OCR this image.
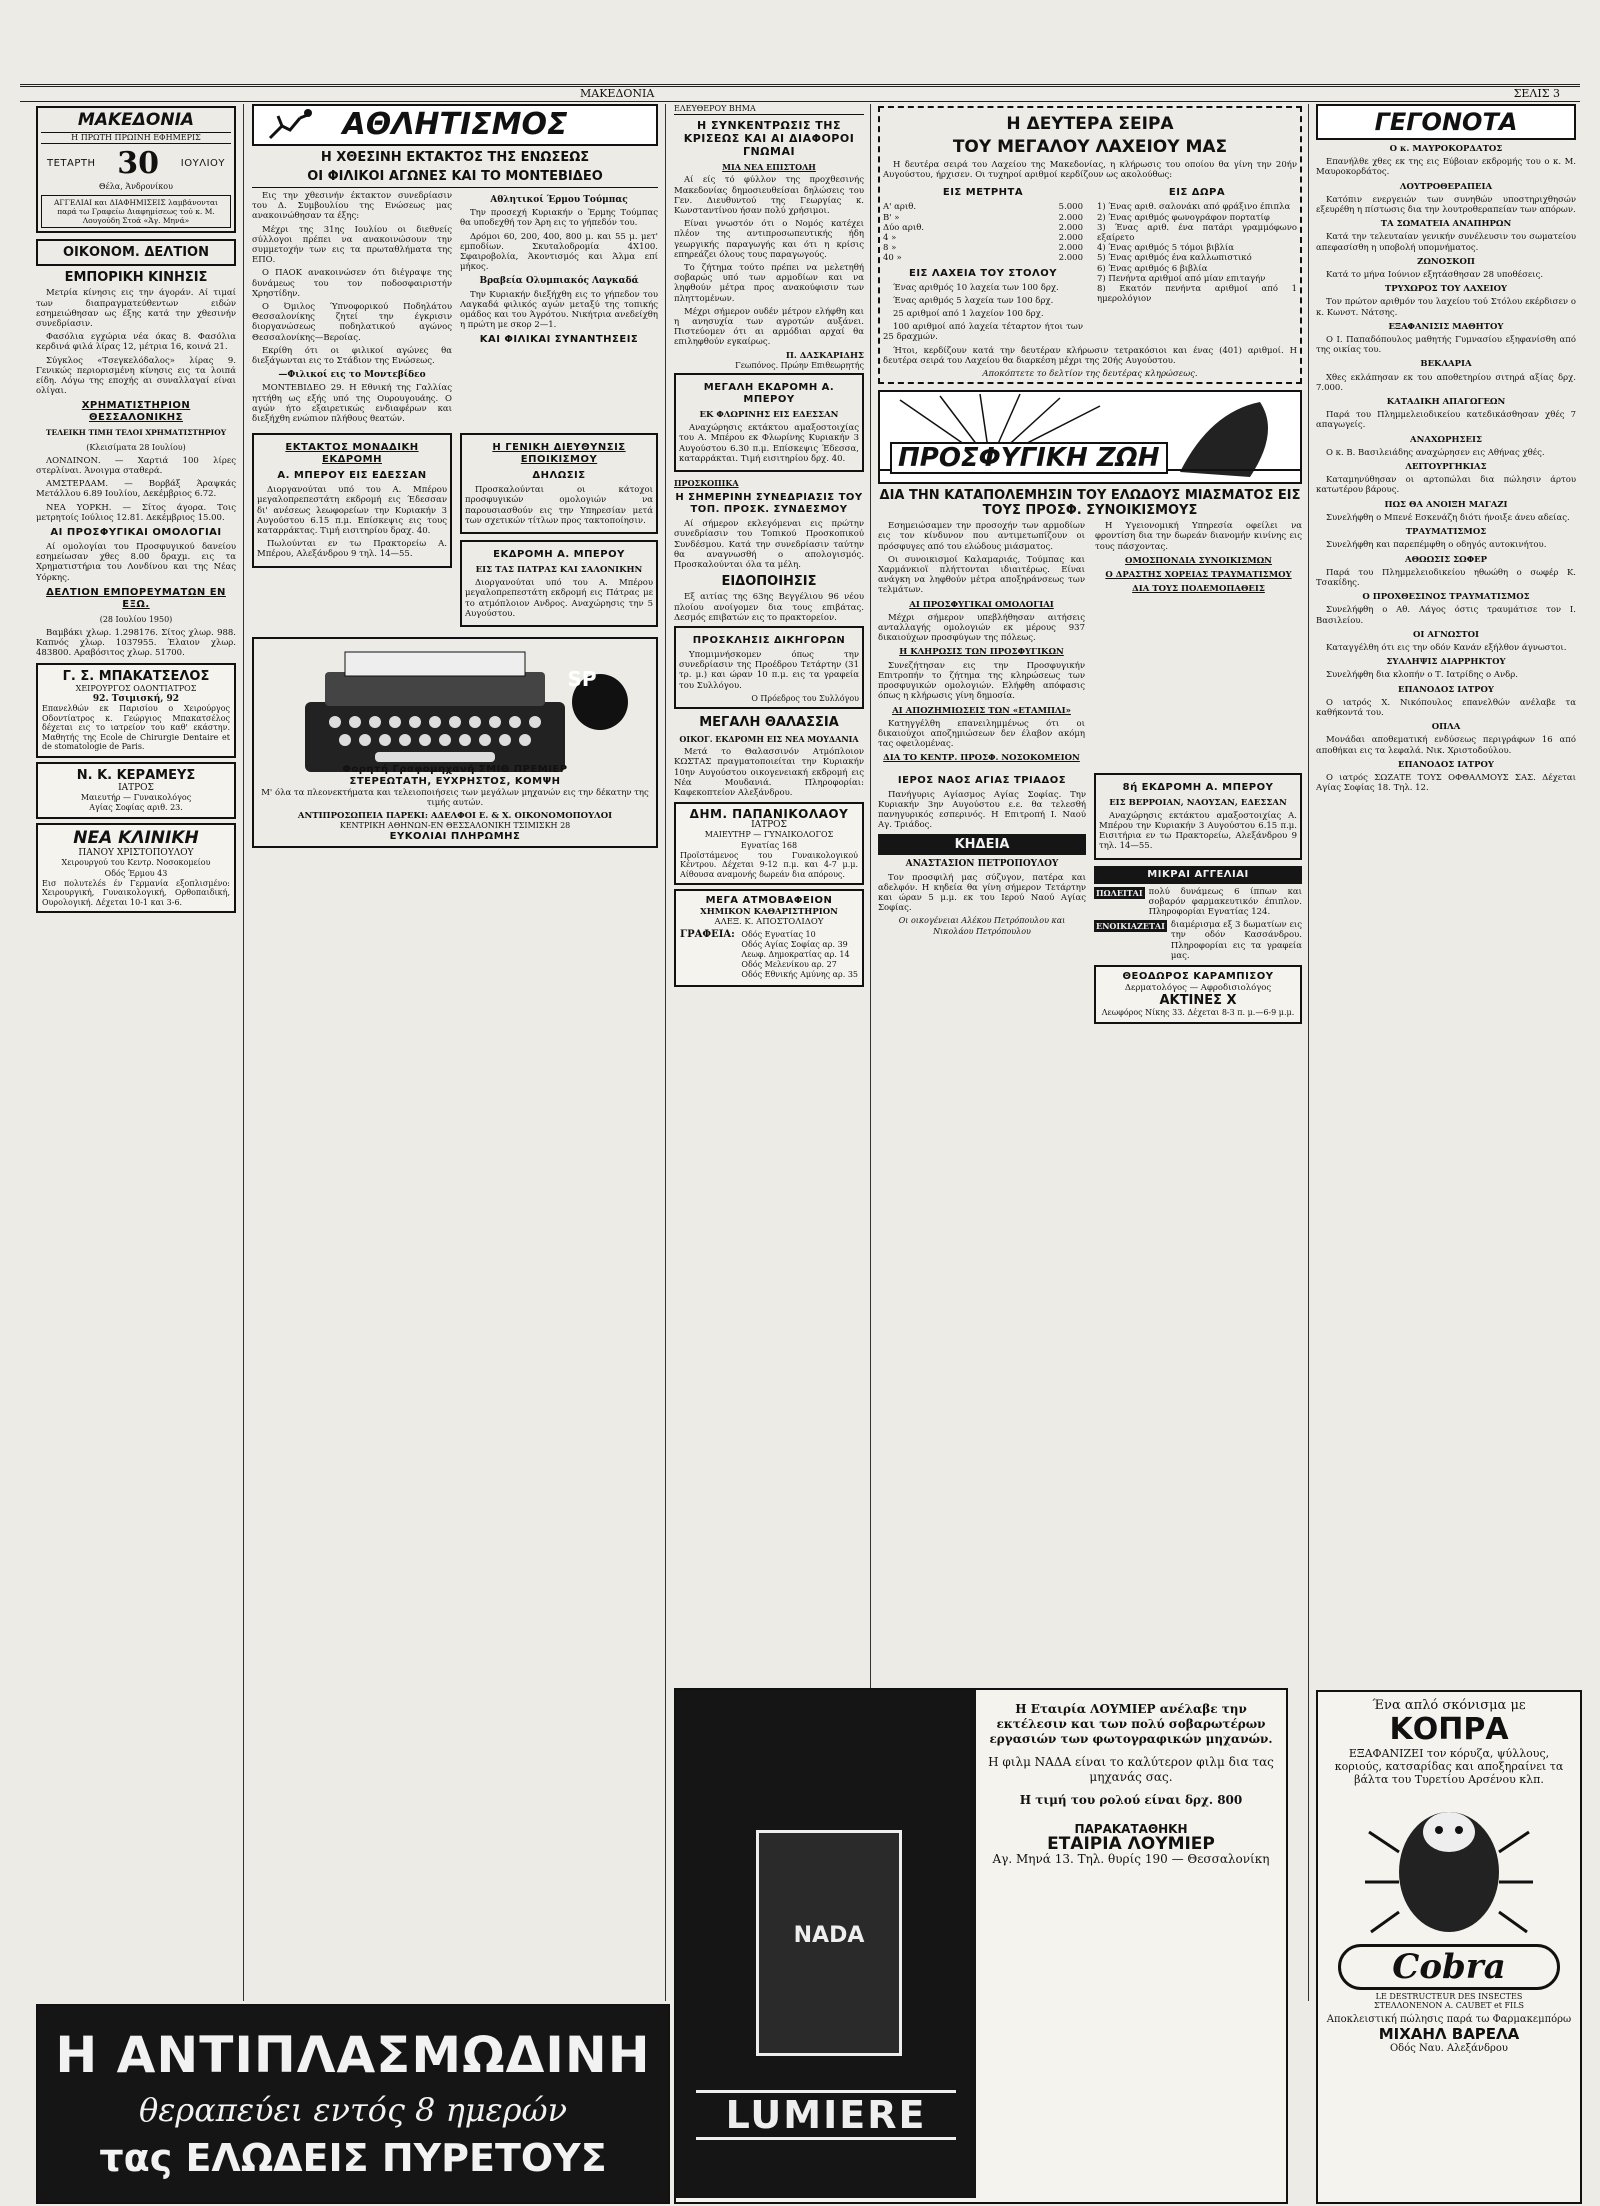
ΜΑΚΕΔΟΝΙΑ	ΣΕΛΙΣ 3
ΜΑΚΕΔΟΝΙΑ
Η ΠΡΩΤΗ ΠΡΩΙΝΗ ΕΦΗΜΕΡΙΣ
ΤΕΤΑΡΤΗ 30 ΙΟΥΛΙΟΥ
Θέλα, Άνδρονίκου
ΑΓΓΕΛΙΑΙ και ΔΙΑΦΗΜΙΣΕΙΣ λαμβάνονται παρά τω Γραφείω Διαφημίσεως τού κ. Μ. Λουγούδη Στοά «Άγ. Μηνά»
ΟΙΚΟΝΟΜ. ΔΕΛΤΙΟΝ
ΕΜΠΟΡΙΚΗ ΚΙΝΗΣΙΣ

Μετρία κίνησις εις την άγοράν. Αί τιμαί των διαπραγματεύθεντων ειδών εσημειώθησαν ως έξης κατά την χθεσινήν συνεδρίασιν.

Φασόλια εγχώρια νέα όκας 8. Φασόλια κερδινά φιλά λίρας 12, μέτρια 16, κοινά 21.

Σύγκλος «Τσεγκελόδαλος» λίρας 9. Γενικώς περιορισμένη κίνησις εις τα λοιπά είδη. Λόγω της εποχής αι συναλλαγαί είναι ολίγαι.

ΧΡΗΜΑΤΙΣΤΗΡΙΟΝ ΘΕΣΣΑΛΟΝΙΚΗΣ
ΤΕΛΕΙΚΗ ΤΙΜΗ ΤΕΛΟΙ ΧΡΗΜΑΤΙΣΤΗΡΙΟΥ
(Κλεισίματα 28 Ιουλίου)

ΛΟΝΔΙΝΟΝ. — Χαρτιά 100 λίρες στερλίναι. Άνοιγμα σταθερά.

ΑΜΣΤΕΡΔΑΜ. — Βορβάξ Άραψκάς Μετάλλου 6.89 Ιουλίου, Δεκέμβριος 6.72.

ΝΕΑ ΥΟΡΚΗ. — Σίτος άγορα. Τοις μετρητοίς Ιούλιος 12.81. Δεκέμβριος 15.00.

ΑΙ ΠΡΟΣΦΥΓΙΚΑΙ ΟΜΟΛΟΓΙΑΙ

Αί ομολογίαι του Προσφυγικού δανείου εσημείωσαν χθες 8.00 δραχμ. εις τα Χρηματιστήρια του Λονδίνου και της Νέας Υόρκης.

ΔΕΛΤΙΟΝ ΕΜΠΟΡΕΥΜΑΤΩΝ ΕΝ ΕΞΩ.
(28 Ιουλίου 1950)

Βαμβάκι χλωρ. 1.298176. Σίτος χλωρ. 988. Καπνός χλωρ. 1037955. Έλαιον χλωρ. 483800. Αραβόσιτος χλωρ. 51700.

Γ. Σ. ΜΠΑΚΑΤΣΕΛΟΣ
ΧΕΙΡΟΥΡΓΟΣ ΟΔΟΝΤΙΑΤΡΟΣ
92. Τσιμισκή, 92
Επανελθών εκ Παρισίου ο Χειρούργος Οδοντίατρος κ. Γεώργιος Μπακατσέλος δέχεται εις το ιατρείον του καθ' εκάστην. Μαθητής της Ecole de Chirurgie Dentaire et de stomatologie de Paris.
Ν. Κ. ΚΕΡΑΜΕΥΣ
ΙΑΤΡΟΣ
Μαιευτήρ — Γυναικολόγος
Αγίας Σοφίας αριθ. 23.
ΝΕΑ ΚΛΙΝΙΚΗ
ΠΑΝΟΥ ΧΡΙΣΤΟΠΟΥΛΟΥ
Χειρουργού του Κεντρ. Νοσοκομείου
Οδός Έρμου 43
Εισ πολυτελέs έν Γερμανία εξοπλισμένο: Χειρουργική, Γυναικολογική, Ορθοπαιδική, Ουρολογική. Δέχεται 10-1 και 3-6.
ΑΘΛΗΤΙΣΜΟΣ
Η ΧΘΕΣΙΝΗ ΕΚΤΑΚΤΟΣ ΤΗΣ ΕΝΩΣΕΩΣ
ΟΙ ΦΙΛΙΚΟΙ ΑΓΩΝΕΣ ΚΑΙ ΤΟ ΜΟΝΤΕΒΙΔΕΟ

Εις την χθεσινήν έκτακτον συνεδρίασιν του Δ. Συμβουλίου της Ενώσεως μας ανακοινώθησαν τα έξης:

Μέχρι της 31ης Ιουλίου οι διεθνείς σύλλογοι πρέπει να ανακοινώσουν την συμμετοχήν των εις τα πρωταθλήματα της ΕΠΟ.

Ο ΠΑΟΚ ανακοινώσεν ότι διέγραψε της δυνάμεως του τον ποδοσφαιριστήν Χρηστίδην.

Ο Όμιλος Ύπνοφορικού Ποδηλάτου Θεσσαλονίκης ζητεί την έγκρισιν διοργανώσεως ποδηλατικού αγώνος Θεσσαλονίκης—Βεροίας.

Εκρίθη ότι οι φιλικοί αγώνες θα διεξάγωνται εις το Στάδιον της Ενώσεως.

—Φιλικοί εις το Μοντεβίδεο

ΜΟΝΤΕΒΙΔΕΟ 29. Η Εθνική της Γαλλίας ηττήθη ως εξής υπό της Ουρουγουάης. Ο αγών ήτο εξαιρετικώς ενδιαφέρων και διεξήχθη ενώπιον πλήθους θεατών.

Αθλητικοί Έρμου Τούμπας

Την προσεχή Κυριακήν ο Έρμης Τούμπας θα υποδεχθή τον Άρη εις το γήπεδόν του.

Δρόμοι 60, 200, 400, 800 μ. και 55 μ. μετ' εμποδίων. Σκυταλοδρομία 4Χ100. Σφαιροβολία, Άκοντισμός και Άλμα επί μήκος.

Βραβεία Ολυμπιακός Λαγκαδά

Την Κυριακήν διεξήχθη εις το γήπεδον του Λαγκαδά φιλικός αγών μεταξύ της τοπικής ομάδος και του Άγρότου. Νικήτρια ανεδείχθη η πρώτη με σκορ 2—1.

ΚΑΙ ΦΙΛΙΚΑΙ ΣΥΝΑΝΤΗΣΕΙΣ
ΕΚΤΑΚΤΟΣ ΜΟΝΑΔΙΚΗ ΕΚΔΡΟΜΗ
Α. ΜΠΕΡΟΥ ΕΙΣ ΕΔΕΣΣΑΝ

Διοργανούται υπό του Α. Μπέρου μεγαλοπρεπεστάτη εκδρομή εις Έδεσσαν δι' ανέσεως λεωφορείων την Κυριακήν 3 Αυγούστου 6.15 π.μ. Επίσκεψις εις τους καταρράκτας. Τιμή εισιτηρίου δραχ. 40.

Πωλούνται εν τω Πρακτορείω Α. Μπέρου, Αλεξάνδρου 9 τηλ. 14—55.

Η ΓΕΝΙΚΗ ΔΙΕΥΘΥΝΣΙΣ ΕΠΟΙΚΙΣΜΟΥ
ΔΗΛΩΣΙΣ

Προσκαλούνται οι κάτοχοι προσφυγικών ομολογιών να παρουσιασθούν εις την Υπηρεσίαν μετά των σχετικών τίτλων προς τακτοποίησιν.

ΕΚΔΡΟΜΗ Α. ΜΠΕΡΟΥ
ΕΙΣ ΤΑΣ ΠΑΤΡΑΣ ΚΑΙ ΣΑΛΟΝΙΚΗΝ

Διοργανούται υπό του Α. Μπέρου μεγαλοπρεπεστάτη εκδρομή εις Πάτρας με το ατμόπλοιον Ανδρος. Αναχώρησις την 5 Αυγούστου.

SP
Φορητή Γραφομηχανή ΣΜΙΘ ΠΡΕΜΙΕΡ
ΣΤΕΡΕΩΤΑΤΗ, ΕΥΧΡΗΣΤΟΣ, ΚΟΜΨΗ
Μ' όλα τα πλεονεκτήματα και τελειοποιήσεις των μεγάλων μηχανών εις την δέκατην της τιμής αυτών.
ΑΝΤΙΠΡΟΣΩΠΕΙΑ ΠΑΡΕΚΙ: ΑΔΕΛΦΟΙ Ε. & Χ. ΟΙΚΟΝΟΜΟΠΟΥΛΟΙ
ΚΕΝΤΡΙΚΗ ΑΘΗΝΩΝ-ΕΝ ΘΕΣΣΑΛΟΝΙΚΗ ΤΣΙΜΙΣΚΗ 28
ΕΥΚΟΛΙΑΙ ΠΛΗΡΩΜΗΣ
ΕΛΕΥΘΕΡΟΥ ΒΗΜΑ
Η ΣΥΝΚΕΝΤΡΩΣΙΣ ΤΗΣ ΚΡΙΣΕΩΣ ΚΑΙ ΑΙ ΔΙΑΦΟΡΟΙ ΓΝΩΜΑΙ
ΜΙΑ ΝΕΑ ΕΠΙΣΤΟΛΗ

Αί είς τό φύλλον της προχθεσινής Μακεδονίας δημοσιευθείσαι δηλώσεις του Γεν. Διευθυντού της Γεωργίας κ. Κωνσταντίνου ήσαν πολύ χρήσιμοι.

Είναι γνωστόν ότι ο Νομός κατέχει πλέον της αντιπροσωπευτικής ήδη γεωργικής παραγωγής και ότι η κρίσις επηρεάζει όλους τους παραγωγούς.

Το ζήτημα τούτο πρέπει να μελετηθή σοβαρώς υπό των αρμοδίων και να ληφθούν μέτρα προς ανακούφισιν των πληττομένων.

Μέχρι σήμερον ουδέν μέτρον ελήφθη και η ανησυχία των αγροτών αυξάνει. Πιστεύομεν ότι αι αρμόδιαι αρχαί θα επιληφθούν εγκαίρως.

Π. ΔΑΣΚΑΡΙΔΗΣ
Γεωπόνος. Πρώην Επιθεωρητής
ΜΕΓΑΛΗ ΕΚΔΡΟΜΗ Α. ΜΠΕΡΟΥ
ΕΚ ΦΛΩΡΙΝΗΣ ΕΙΣ ΕΔΕΣΣΑΝ

Αναχώρησις εκτάκτου αμαξοστοιχίας του Α. Μπέρου εκ Φλωρίνης Κυριακήν 3 Αυγούστου 6.30 π.μ. Επίσκεψις Έδεσσα, καταρράκται. Τιμή εισιτηρίου δρχ. 40.

ΠΡΟΣΚΟΠΙΚΑ
Η ΣΗΜΕΡΙΝΗ ΣΥΝΕΔΡΙΑΣΙΣ ΤΟΥ ΤΟΠ. ΠΡΟΣΚ. ΣΥΝΔΕΣΜΟΥ

Αί σήμερον εκλεγόμεναι εις πρώτην συνεδρίασιν του Τοπικού Προσκοπικού Συνδέσμου. Κατά την συνεδρίασιν ταύτην θα αναγνωσθή ο απολογισμός. Προσκαλούνται όλα τα μέλη.

ΕΙΔΟΠΟΙΗΣΙΣ

Εξ αιτίας της 63ης Βεγγέλιου 96 νέου πλοίου ανοίγομεν δια τους επιβάτας. Δεσμός επιβατών εις το πρακτορείον.

ΠΡΟΣΚΛΗΣΙΣ ΔΙΚΗΓΟΡΩΝ

Υπομιμνήσκομεν όπως την συνεδρίασιν της Προέδρου Τετάρτην (31 τρ. μ.) και ώραν 10 π.μ. εις τα γραφεία του Συλλόγου.

Ο Πρόεδρος του Συλλόγου
ΜΕΓΑΛΗ ΘΑΛΑΣΣΙΑ
ΟΙΚΟΓ. ΕΚΔΡΟΜΗ ΕΙΣ ΝΕΑ ΜΟΥΔΑΝΙΑ

Μετά το Θαλασσινόν Ατμόπλοιον ΚΩΣΤΑΣ πραγματοποιείται την Κυριακήν 10ην Αυγούστου οικογενειακή εκδρομή εις Νέα Μουδανιά. Πληροφορίαι: Καφεκοπτείον Αλεξάνδρου.

ΔΗΜ. ΠΑΠΑΝΙΚΟΛΑΟΥ
ΙΑΤΡΟΣ
ΜΑΙΕΥΤΗΡ — ΓΥΝΑΙΚΟΛΟΓΟΣ
Εγνατίας 168
Προϊστάμενος του Γυναικολογικού Κέντρου. Δέχεται 9-12 π.μ. και 4-7 μ.μ. Αίθουσα αναμονής δωρεάν δια απόρους.
ΜΕΓΑ ΑΤΜΟΒΑΦΕΙΟΝ
ΧΗΜΙΚΟΝ ΚΑΘΑΡΙΣΤΗΡΙΟΝ
ΑΛΕΞ. Κ. ΑΠΟΣΤΟΛΙΔΟΥ
ΓΡΑΦΕΙΑ: Οδός Εγνατίας 10
Οδός Αγίας Σοφίας αρ. 39
Λεωφ. Δημοκρατίας αρ. 14
Οδός Μελενίκου αρ. 27
Οδός Εθνικής Αμύνης αρ. 35
Η ΔΕΥΤΕΡΑ ΣΕΙΡΑ
ΤΟΥ ΜΕΓΑΛΟΥ ΛΑΧΕΙΟΥ ΜΑΣ

Η δευτέρα σειρά του Λαχείου της Μακεδονίας, η κλήρωσις του οποίου θα γίνη την 20ήν Αυγούστου, ήρχισεν. Οι τυχηροί αριθμοί κερδίζουν ως ακολούθως:

ΕΙΣ ΜΕΤΡΗΤΑ
Α' αριθ.	5.000
Β' »	2.000
Δύο αριθ.	2.000
4 »	2.000
8 »	2.000
40 »	2.000
ΕΙΣ ΛΑΧΕΙΑ ΤΟΥ ΣΤΟΛΟΥ

Ένας αριθμός 10 λαχεία των 100 δρχ.

Ένας αριθμός 5 λαχεία των 100 δρχ.

25 αριθμοί από 1 λαχείον 100 δρχ.

100 αριθμοί από λαχεία τέταρτον ήτοι των 25 δραχμών.

ΕΙΣ ΔΩΡΑ
1) Ένας αριθ. σαλονάκι από φράξινο έπιπλα
2) Ένας αριθμός φωνογράφον πορτατίφ
3) Ένας αριθ. ένα πατάρι γραμμόφωνο εξαίρετο
4) Ένας αριθμός 5 τόμοι βιβλία
5) Ένας αριθμός ένα καλλωπιστικό
6) Ένας αριθμός 6 βιβλία
7) Πενήντα αριθμοί από μίαν επιταγήν
8) Εκατόν πενήντα αριθμοί από 1 ημερολόγιον

Ήτοι, κερδίζουν κατά την δευτέραν κλήρωσιν τετρακόσιοι και ένας (401) αριθμοί. Η δευτέρα σειρά του Λαχείου θα διαρκέση μέχρι της 20ής Αυγούστου.

Αποκόπτετε το δελτίον της δευτέρας κληρώσεως.
ΠΡΟΣΦΥΓΙΚΗ ΖΩΗ
ΔΙΑ ΤΗΝ ΚΑΤΑΠΟΛΕΜΗΣΙΝ ΤΟΥ ΕΛΩΔΟΥΣ ΜΙΑΣΜΑΤΟΣ ΕΙΣ ΤΟΥΣ ΠΡΟΣΦ. ΣΥΝΟΙΚΙΣΜΟΥΣ

Εσημειώσαμεν την προσοχήν των αρμοδίων εις τον κίνδυνον που αντιμετωπίζουν οι πρόσφυγες από του ελώδους μιάσματος.

Οι συνοικισμοί Καλαμαριάς, Τούμπας και Χαρμάνκιοϊ πλήττονται ιδιαιτέρως. Είναι ανάγκη να ληφθούν μέτρα αποξηράνσεως των τελμάτων.

ΑΙ ΠΡΟΣΦΥΓΙΚΑΙ ΟΜΟΛΟΓΙΑΙ

Μέχρι σήμερον υπεβλήθησαν αιτήσεις ανταλλαγής ομολογιών εκ μέρους 937 δικαιούχων προσφύγων της πόλεως.

Η ΚΛΗΡΩΣΙΣ ΤΩΝ ΠΡΟΣΦΥΓΙΚΩΝ

Συνεζήτησαν εις την Προσφυγικήν Επιτροπήν το ζήτημα της κληρώσεως των προσφυγικών ομολογιών. Ελήφθη απόφασις όπως η κλήρωσις γίνη δημοσία.

ΑΙ ΑΠΟΖΗΜΙΩΣΕΙΣ ΤΩΝ «ΕΤΑΜΠΛΙ»

Κατηγγέλθη επανειλημμένως ότι οι δικαιούχοι αποζημιώσεων δεν έλαβον ακόμη τας οφειλομένας.

ΔΙΑ ΤΟ ΚΕΝΤΡ. ΠΡΟΣΦ. ΝΟΣΟΚΟΜΕΙΟΝ

Η Υγειονομική Υπηρεσία οφείλει να φροντίση δια την δωρεάν διανομήν κινίνης εις τους πάσχοντας.

ΟΜΟΣΠΟΝΔΙΑ ΣΥΝΟΙΚΙΣΜΩΝ
Ο ΔΡΑΣΤΗΣ ΧΟΡΕΙΑΣ ΤΡΑΥΜΑΤΙΣΜΟΥ
ΔΙΑ ΤΟΥΣ ΠΟΛΕΜΟΠΑΘΕΙΣ
ΙΕΡΟΣ ΝΑΟΣ ΑΓΙΑΣ ΤΡΙΑΔΟΣ

Πανήγυρις Αγίασμος Αγίας Σοφίας. Την Κυριακήν 3ην Αυγούστου ε.ε. θα τελεσθή πανηγυρικός εσπερινός. Η Επιτροπή Ι. Ναού Αγ. Τριάδος.

ΚΗΔΕΙΑ
ΑΝΑΣΤΑΣΙΟΝ ΠΕΤΡΟΠΟΥΛΟΥ

Τον προσφιλή μας σύζυγον, πατέρα και αδελφόν. Η κηδεία θα γίνη σήμερον Τετάρτην και ώραν 5 μ.μ. εκ του Ιερού Ναού Αγίας Σοφίας.

Οι οικογένειαι Αλέκου Πετρόπουλου και Νικολάου Πετρόπουλου
8ή ΕΚΔΡΟΜΗ Α. ΜΠΕΡΟΥ
ΕΙΣ ΒΕΡΡΟΙΑΝ, ΝΑΟΥΣΑΝ, ΕΔΕΣΣΑΝ

Αναχώρησις εκτάκτου αμαξοστοιχίας Α. Μπέρου την Κυριακήν 3 Αυγούστου 6.15 π.μ. Εισιτήρια εν τω Πρακτορείω, Αλεξάνδρου 9 τηλ. 14—55.

ΜΙΚΡΑΙ ΑΓΓΕΛΙΑΙ
ΠΩΛΕΙΤΑΙ πολύ δυνάμεως 6 ίππων και σοβαρόν φαρμακευτικόν έπιπλον. Πληροφορίαι Εγνατίας 124.
ΕΝΟΙΚΙΑΖΕΤΑΙ διαμέρισμα εξ 3 δωματίων εις την οδόν Κασσάνδρου. Πληροφορίαι εις τα γραφεία μας.
ΘΕΟΔΩΡΟΣ ΚΑΡΑΜΠΙΣΟΥ
Δερματολόγος — Αφροδισιολόγος
ΑΚΤΙΝΕΣ Χ
Λεωφόρος Νίκης 33. Δέχεται 8-3 π. μ.—6-9 μ.μ.
ΓΕΓΟΝΟΤΑ
Ο κ. ΜΑΥΡΟΚΟΡΔΑΤΟΣ

Επανήλθε χθες εκ της εις Εύβοιαν εκδρομής του ο κ. Μ. Μαυροκορδάτος.

ΛΟΥΤΡΟΘΕΡΑΠΕΙΑ

Κατόπιν ενεργειών των συνηθών υποστηριχθησών εξευρέθη η πίστωσις δια την λουτροθεραπείαν των απόρων.

ΤΑ ΣΩΜΑΤΕΙΑ ΑΝΑΠΗΡΩΝ

Κατά την τελευταίαν γενικήν συνέλευσιν του σωματείου απεφασίσθη η υποβολή υπομνήματος.

ΖΩΝΟΣΚΟΠ

Κατά το μήνα Ιούνιον εξητάσθησαν 28 υποθέσεις.

ΤΡΥΧΩΡΟΣ ΤΟΥ ΛΑΧΕΙΟΥ

Τον πρώτον αριθμόν του λαχείου τού Στόλου εκέρδισεν ο κ. Κωνστ. Νάτσης.

ΕΞΑΦΑΝΙΣΙΣ ΜΑΘΗΤΟΥ

Ο Ι. Παπαδόπουλος μαθητής Γυμνασίου εξηφανίσθη από της οικίας του.

ΒΕΚΛΑΡΙΑ

Χθες εκλάπησαν εκ του αποθετηρίου σιτηρά αξίας δρχ. 7.000.

ΚΑΤΑΔΙΚΗ ΑΠΑΓΩΓΕΩΝ

Παρά του Πλημμελειοδικείου κατεδικάσθησαν χθές 7 απαγωγείς.

ΑΝΑΧΩΡΗΣΕΙΣ

Ο κ. Β. Βασιλειάδης αναχώρησεν εις Αθήνας χθές.

ΛΕΙΤΟΥΡΓΗΚΙΑΣ

Καταμηνύθησαν οι αρτοπώλαι δια πώλησιν άρτου κατωτέρου βάρους.

ΠΩΣ ΘΑ ΑΝΟΙΞΗ ΜΑΓΑΖΙ

Συνελήφθη ο Μπενέ Εσκενάζη διότι ήνοιξε άνευ αδείας.

ΤΡΑΥΜΑΤΙΣΜΟΣ

Συνελήφθη και παρεπέμφθη ο οδηγός αυτοκινήτου.

ΑΘΩΩΣΙΣ ΣΩΦΕΡ

Παρά του Πλημμελειοδικείου ηθωώθη ο σωφέρ Κ. Τσακίδης.

Ο ΠΡΟΧΘΕΣΙΝΟΣ ΤΡΑΥΜΑΤΙΣΜΟΣ

Συνελήφθη ο Αθ. Λάγος όστις τραυμάτισε τον Ι. Βασιλείου.

ΟΙ ΑΓΝΩΣΤΟΙ

Καταγγέλθη ότι εις την οδόν Κανάν εξήλθον άγνωστοι.

ΣΥΛΛΗΨΙΣ ΔΙΑΡΡΗΚΤΟΥ

Συνελήφθη δια κλοπήν ο Τ. Ιατρίδης ο Ανδρ.

ΕΠΑΝΟΔΟΣ ΙΑΤΡΟΥ

Ο ιατρός Χ. Νικόπουλος επανελθών ανέλαβε τα καθήκοντά του.

ΟΠΛΑ

Μονάδαι αποθεματική ενδύσεως περιγράφων 16 από αποθήκαι εις τα λεφαλά. Νικ. Χριστοδούλου.

ΕΠΑΝΟΔΟΣ ΙΑΤΡΟΥ

Ο ιατρός ΣΩΖΑΤΕ ΤΟΥΣ ΟΦΘΑΛΜΟΥΣ ΣΑΣ. Δέχεται Αγίας Σοφίας 18. Τηλ. 12.

Η ΑΝΤΙΠΛΑΣΜΩΔΙΝΗ
θεραπεύει εντός 8 ημερών
τας ΕΛΩΔΕΙΣ ΠΥΡΕΤΟΥΣ
NADA
LUMIERE
Η Εταιρία ΛΟΥΜΙΕΡ ανέλαβε την εκτέλεσιν και των πολύ σοβαρωτέρων εργασιών των φωτογραφικών μηχανών.
Η φιλμ ΝΑΔΑ είναι το καλύτερον φιλμ δια τας μηχανάς σας.
Η τιμή του ρολού είναι δρχ. 800
ΠΑΡΑΚΑΤΑΘΗΚΗ
ΕΤΑΙΡΙΑ ΛΟΥΜΙΕΡ
Αγ. Μηνά 13. Τηλ. θυρίς 190 — Θεσσαλονίκη
Ένα απλό σκόνισμα με
ΚΟΠΡΑ
ΕΞΑΦΑΝΙΖΕΙ τον κόρυζα, ψύλλους, κοριούς, κατσαρίδας και αποξηραίνει τα βάλτα του Τυρετίου Αρσένου κλπ.
Cobra
LE DESTRUCTEUR DES INSECTES
ΣΤΕΛΛΟΝΕΝΟΝ Α. CAUBET et FILS
Αποκλειστική πώλησις παρά τω Φαρμακεμπόρω
ΜΙΧΑΗΛ ΒΑΡΕΛΑ
Οδός Ναυ. Αλεξάνδρου
